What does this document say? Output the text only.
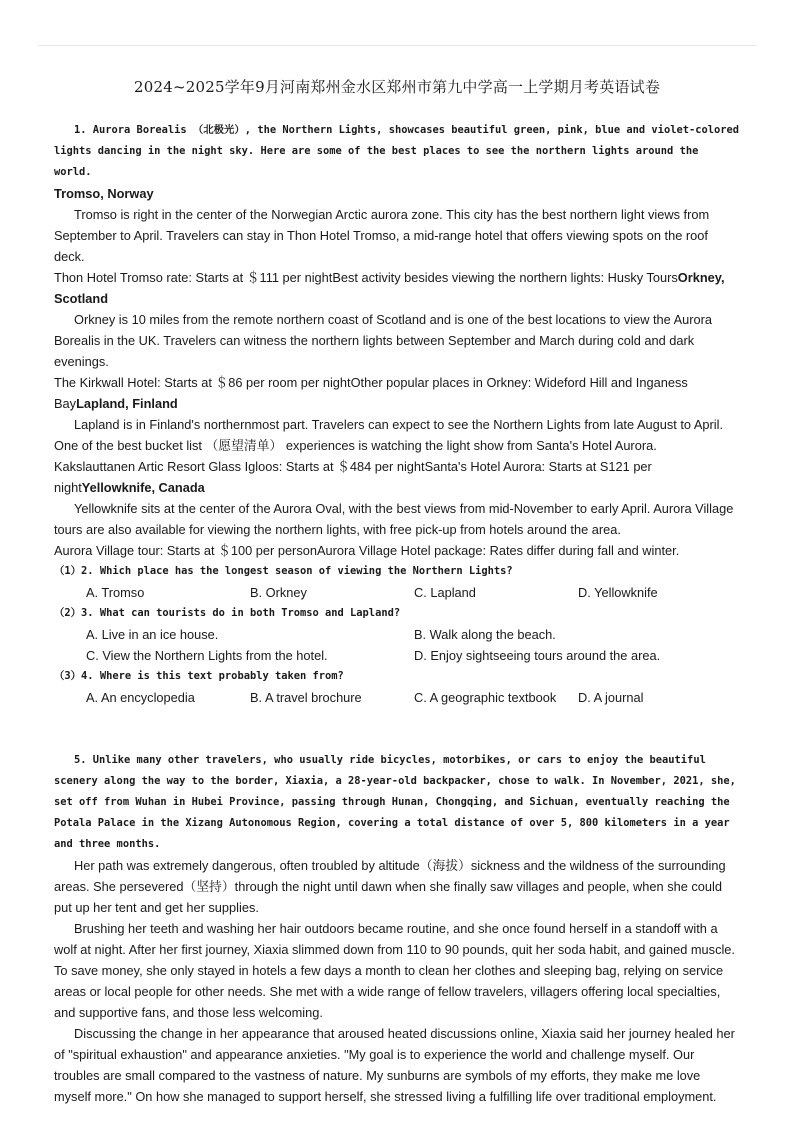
2024~2025学年9月河南郑州金水区郑州市第九中学高一上学期月考英语试卷

1. Aurora Borealis （北极光）, the Northern Lights, showcases beautiful green, pink, blue and violet-colored lights dancing in the night sky. Here are some of the best places to see the northern lights around the world.

Tromso, Norway

Tromso is right in the center of the Norwegian Arctic aurora zone. This city has the best northern light views from September to April. Travelers can stay in Thon Hotel Tromso, a mid-range hotel that offers viewing spots on the roof deck.

Thon Hotel Tromso rate: Starts at ＄111 per nightBest activity besides viewing the northern lights: Husky ToursOrkney, Scotland

Orkney is 10 miles from the remote northern coast of Scotland and is one of the best locations to view the Aurora Borealis in the UK. Travelers can witness the northern lights between September and March during cold and dark evenings.

The Kirkwall Hotel: Starts at ＄86 per room per nightOther popular places in Orkney: Wideford Hill and Inganess BayLapland, Finland

Lapland is in Finland's northernmost part. Travelers can expect to see the Northern Lights from late August to April. One of the best bucket list （愿望清单） experiences is watching the light show from Santa's Hotel Aurora.

Kakslauttanen Artic Resort Glass Igloos: Starts at ＄484 per nightSanta's Hotel Aurora: Starts at S121 per nightYellowknife, Canada

Yellowknife sits at the center of the Aurora Oval, with the best views from mid-November to early April. Aurora Village tours are also available for viewing the northern lights, with free pick-up from hotels around the area.

Aurora Village tour: Starts at ＄100 per personAurora Village Hotel package: Rates differ during fall and winter.

（1）2. Which place has the longest season of viewing the Northern Lights?

A. Tromso	B. Orkney	C. Lapland	D. Yellowknife

（2）3. What can tourists do in both Tromso and Lapland?

A. Live in an ice house.	B. Walk along the beach.
C. View the Northern Lights from the hotel.	D. Enjoy sightseeing tours around the area.

（3）4. Where is this text probably taken from?

A. An encyclopedia	B. A travel brochure	C. A geographic textbook	D. A journal

5. Unlike many other travelers, who usually ride bicycles, motorbikes, or cars to enjoy the beautiful scenery along the way to the border, Xiaxia, a 28-year-old backpacker, chose to walk. In November, 2021, she, set off from Wuhan in Hubei Province, passing through Hunan, Chongqing, and Sichuan, eventually reaching the Potala Palace in the Xizang Autonomous Region, covering a total distance of over 5, 800 kilometers in a year and three months.

Her path was extremely dangerous, often troubled by altitude（海拔）sickness and the wildness of the surrounding areas. She persevered（坚持）through the night until dawn when she finally saw villages and people, when she could put up her tent and get her supplies.

Brushing her teeth and washing her hair outdoors became routine, and she once found herself in a standoff with a wolf at night. After her first journey, Xiaxia slimmed down from 110 to 90 pounds, quit her soda habit, and gained muscle. To save money, she only stayed in hotels a few days a month to clean her clothes and sleeping bag, relying on service areas or local people for other needs. She met with a wide range of fellow travelers, villagers offering local specialties, and supportive fans, and those less welcoming.

Discussing the change in her appearance that aroused heated discussions online, Xiaxia said her journey healed her of "spiritual exhaustion" and appearance anxieties. "My goal is to experience the world and challenge myself. Our troubles are small compared to the vastness of nature. My sunburns are symbols of my efforts, they make me love myself more." On how she managed to support herself, she stressed living a fulfilling life over traditional employment.
